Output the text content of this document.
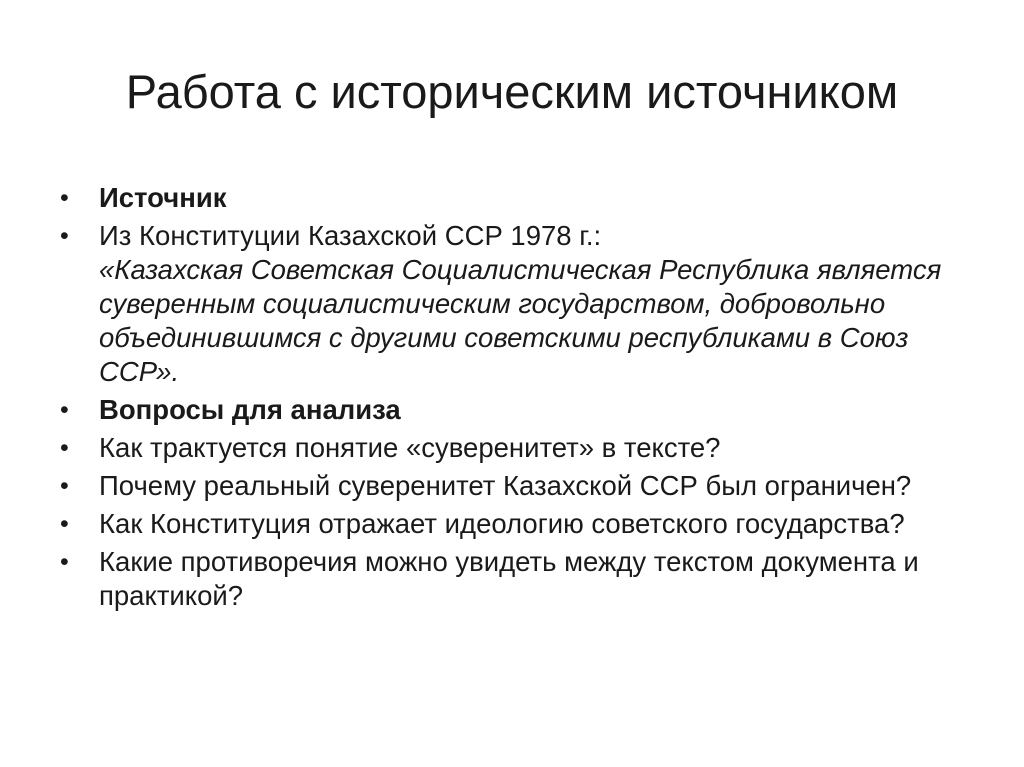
Работа с историческим источником
• Источник
• Из Конституции Казахской ССР 1978 г.:
«Казахская Советская Социалистическая Республика является суверенным социалистическим государством, добровольно объединившимся с другими советскими республиками в Союз ССР».
• Вопросы для анализа
• Как трактуется понятие «суверенитет» в тексте?
• Почему реальный суверенитет Казахской ССР был ограничен?
• Как Конституция отражает идеологию советского государства?
• Какие противоречия можно увидеть между текстом документа и практикой?
